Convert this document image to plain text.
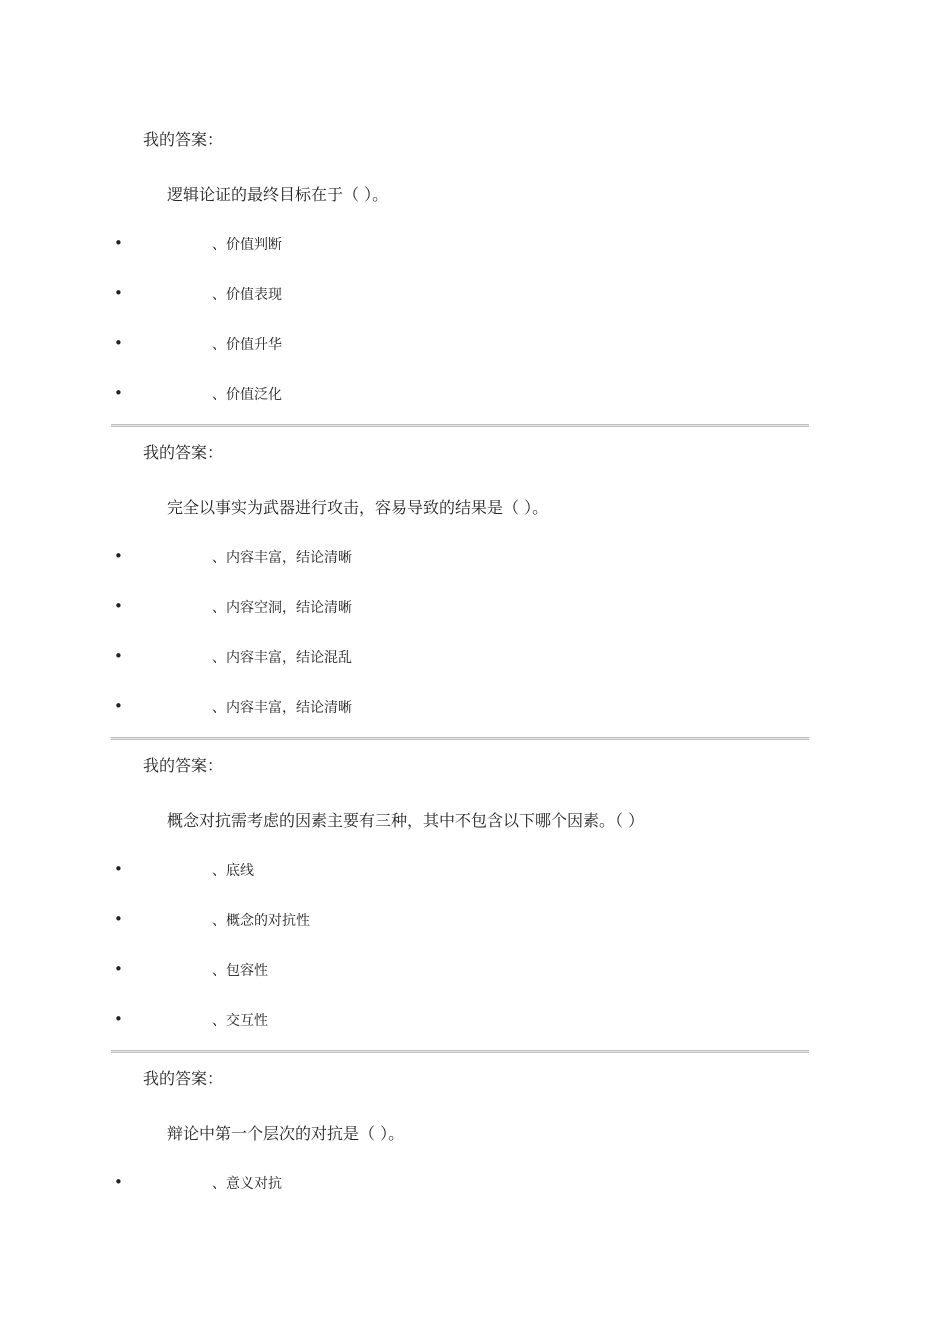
我的答案：
逻辑论证的最终目标在于（ ）。
•	、价值判断
•	、价值表现
•	、价值升华
•	、价值泛化
我的答案：
完全以事实为武器进行攻击，容易导致的结果是（ ）。
•	、内容丰富，结论清晰
•	、内容空洞，结论清晰
•	、内容丰富，结论混乱
•	、内容丰富，结论清晰
我的答案：
概念对抗需考虑的因素主要有三种，其中不包含以下哪个因素。（ ）
•	、底线
•	、概念的对抗性
•	、包容性
•	、交互性
我的答案：
辩论中第一个层次的对抗是（ ）。
•	、意义对抗
